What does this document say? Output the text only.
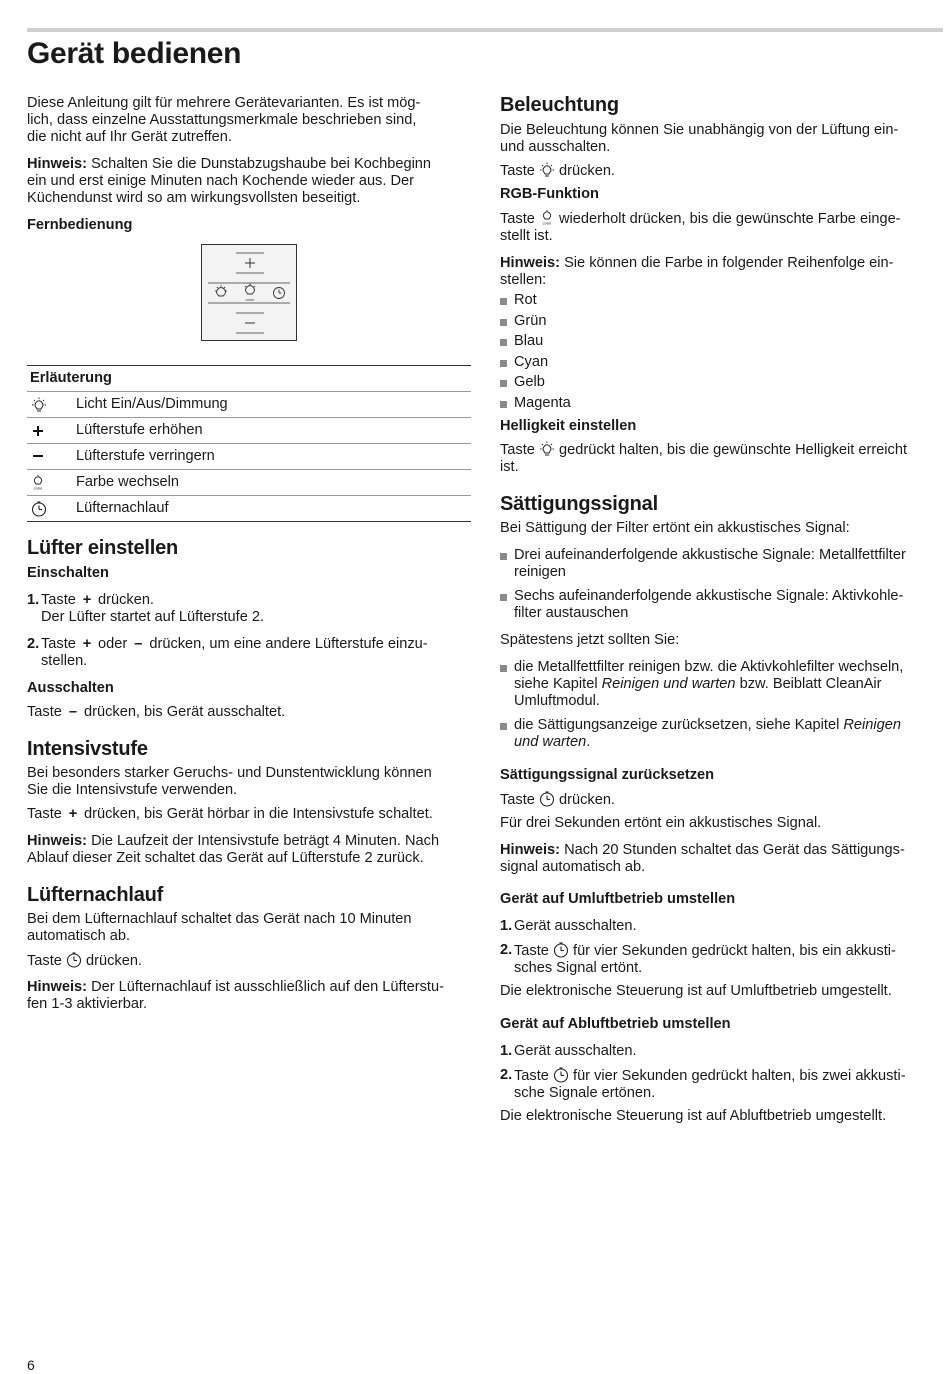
Gerät bedienen

Diese Anleitung gilt für mehrere Gerätevarianten. Es ist mög-

lich, dass einzelne Ausstattungsmerkmale beschrieben sind,

die nicht auf Ihr Gerät zutreffen.

Hinweis: Schalten Sie die Dunstabzugshaube bei Kochbeginn

ein und erst einige Minuten nach Kochende wieder aus. Der

Küchendunst wird so am wirkungsvollsten beseitigt.

Fernbedienung
color
Erläuterung
Licht Ein/Aus/Dimmung
Lüfterstufe erhöhen
Lüfterstufe verringern
color Farbe wechseln
Lüfternachlauf
Lüfter einstellen
Einschalten
1. Taste + drücken.
Der Lüfter startet auf Lüfterstufe 2.
2. Taste + oder – drücken, um eine andere Lüfterstufe einzu-
stellen.
Ausschalten
Taste – drücken, bis Gerät ausschaltet.
Intensivstufe

Bei besonders starker Geruchs- und Dunstentwicklung können

Sie die Intensivstufe verwenden.

Taste + drücken, bis Gerät hörbar in die Intensivstufe schaltet.

Hinweis: Die Laufzeit der Intensivstufe beträgt 4 Minuten. Nach

Ablauf dieser Zeit schaltet das Gerät auf Lüfterstufe 2 zurück.

Lüfternachlauf

Bei dem Lüfternachlauf schaltet das Gerät nach 10 Minuten

automatisch ab.

Taste drücken.

Hinweis: Der Lüfternachlauf ist ausschließlich auf den Lüfterstu-

fen 1-3 aktivierbar.

Beleuchtung

Die Beleuchtung können Sie unabhängig von der Lüftung ein-

und ausschalten.

Taste drücken.
RGB-Funktion

Taste color wiederholt drücken, bis die gewünschte Farbe einge-

stellt ist.

Hinweis: Sie können die Farbe in folgender Reihenfolge ein-

stellen:

Rot
Grün
Blau
Cyan
Gelb
Magenta
Helligkeit einstellen

Taste gedrückt halten, bis die gewünschte Helligkeit erreicht

ist.

Sättigungssignal
Bei Sättigung der Filter ertönt ein akkustisches Signal:

Drei aufeinanderfolgende akkustische Signale: Metallfettfilter

reinigen

Sechs aufeinanderfolgende akkustische Signale: Aktivkohle-

filter austauschen

Spätestens jetzt sollten Sie:

die Metallfettfilter reinigen bzw. die Aktivkohlefilter wechseln,

siehe Kapitel Reinigen und warten bzw. Beiblatt CleanAir

Umluftmodul.

die Sättigungsanzeige zurücksetzen, siehe Kapitel Reinigen

und warten.

Sättigungssignal zurücksetzen
Taste drücken.
Für drei Sekunden ertönt ein akkustisches Signal.

Hinweis: Nach 20 Stunden schaltet das Gerät das Sättigungs-

signal automatisch ab.

Gerät auf Umluftbetrieb umstellen
1. Gerät ausschalten.
2. Taste für vier Sekunden gedrückt halten, bis ein akkusti-

sches Signal ertönt.

Die elektronische Steuerung ist auf Umluftbetrieb umgestellt.
Gerät auf Abluftbetrieb umstellen
1. Gerät ausschalten.
2. Taste für vier Sekunden gedrückt halten, bis zwei akkusti-

sche Signale ertönen.

Die elektronische Steuerung ist auf Abluftbetrieb umgestellt.
6
